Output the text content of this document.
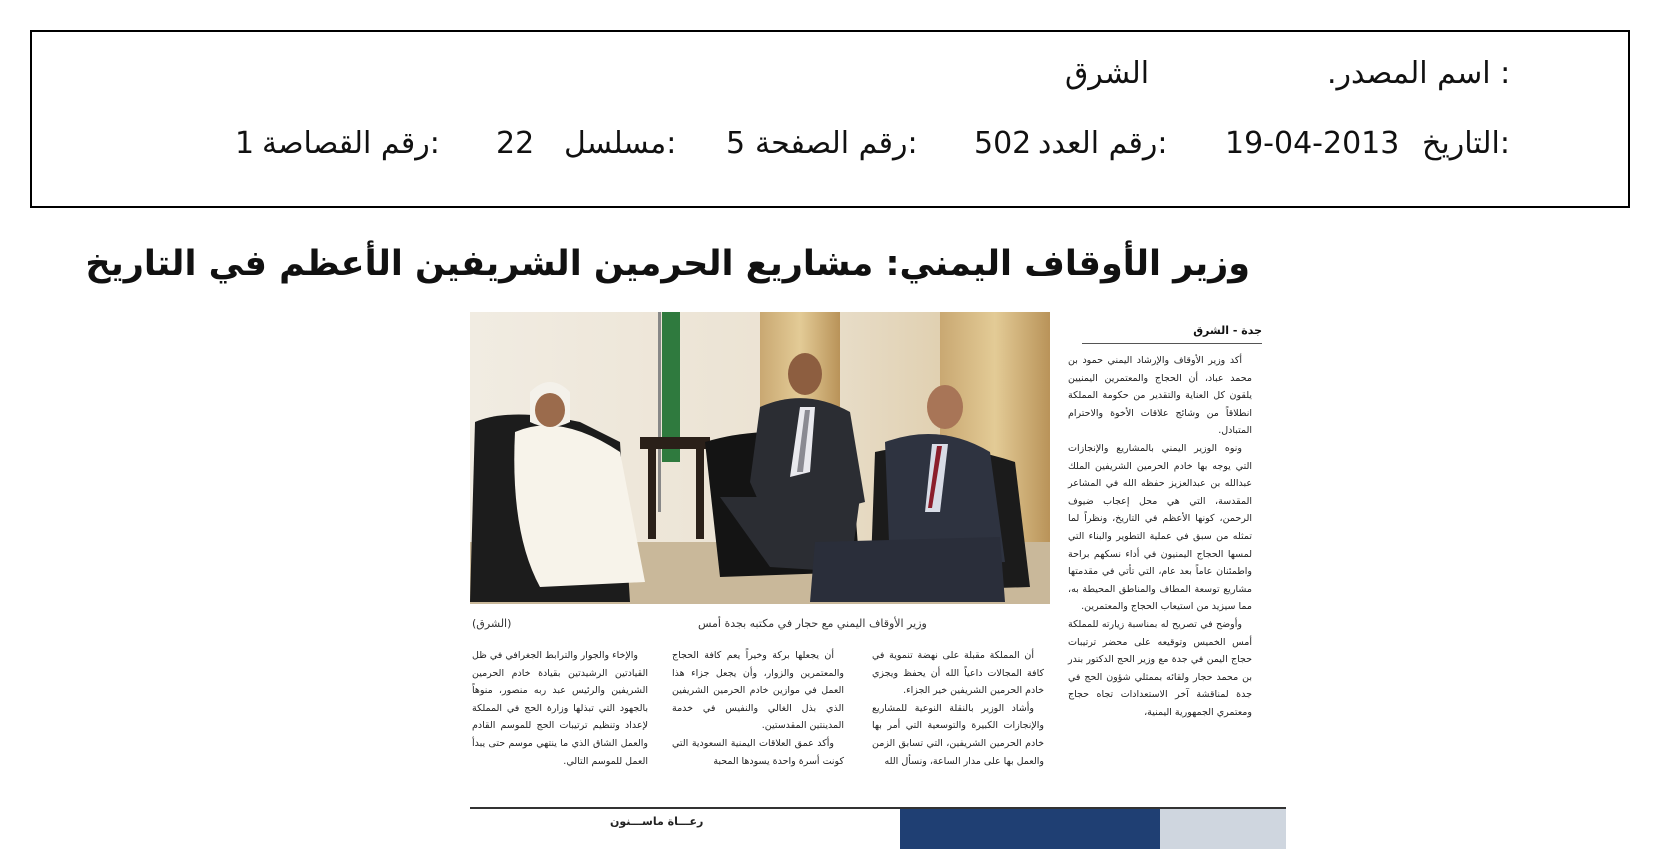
.اسم المصدر :
الشرق
التاريخ:
19-04-2013
رقم العدد:
502
رقم الصفحة:
5
مسلسل:
22
رقم القصاصة:
1
وزير الأوقاف اليمني: مشاريع الحرمين الشريفين الأعظم في التاريخ
وزير الأوقاف اليمني مع حجار في مكتبه بجدة أمس
(الشرق)
جدة - الشرق

أكد وزير الأوقاف والإرشاد اليمني حمود بن محمد عباد، أن الحجاج والمعتمرين اليمنيين يلقون كل العناية والتقدير من حكومة المملكة انطلاقاً من وشائج علاقات الأخوة والاحترام المتبادل.

ونوه الوزير اليمني بالمشاريع والإنجازات التي يوجه بها خادم الحرمين الشريفين الملك عبدالله بن عبدالعزيز حفظه الله في المشاعر المقدسة، التي هي محل إعجاب ضيوف الرحمن، كونها الأعظم في التاريخ، ونظراً لما تمثله من سبق في عملية التطوير والبناء التي لمسها الحجاج اليمنيون في أداء نسكهم براحة واطمئنان عاماً بعد عام، التي تأتي في مقدمتها مشاريع توسعة المطاف والمناطق المحيطة به، مما سيزيد من استيعاب الحجاج والمعتمرين.

وأوضح في تصريح له بمناسبة زيارته للمملكة أمس الخميس وتوقيعه على محضر ترتيبات حجاج اليمن في جدة مع وزير الحج الدكتور بندر بن محمد حجار ولقائه بممثلي شؤون الحج في جدة لمناقشة آخر الاستعدادات تجاه حجاج ومعتمري الجمهورية اليمنية،

أن المملكة مقبلة على نهضة تنموية في كافة المجالات داعياً الله أن يحفظ ويجزي خادم الحرمين الشريفين خير الجزاء.

وأشاد الوزير بالنقلة النوعية للمشاريع والإنجازات الكبيرة والتوسعية التي أمر بها خادم الحرمين الشريفين، التي تسابق الزمن والعمل بها على مدار الساعة، ونسأل الله

أن يجعلها بركة وخيراً يعم كافة الحجاج والمعتمرين والزوار، وأن يجعل جزاء هذا العمل في موازين خادم الحرمين الشريفين الذي بذل الغالي والنفيس في خدمة المدينتين المقدستين.

وأكد عمق العلاقات اليمنية السعودية التي كونت أسرة واحدة يسودها المحبة

والإخاء والجوار والترابط الجغرافي في ظل القيادتين الرشيدتين بقيادة خادم الحرمين الشريفين والرئيس عبد ربه منصور، منوهاً بالجهود التي تبذلها وزارة الحج في المملكة لإعداد وتنظيم ترتيبات الحج للموسم القادم والعمل الشاق الذي ما ينتهي موسم حتى يبدأ العمل للموسم التالي.

رعـــاة ماســـنون
